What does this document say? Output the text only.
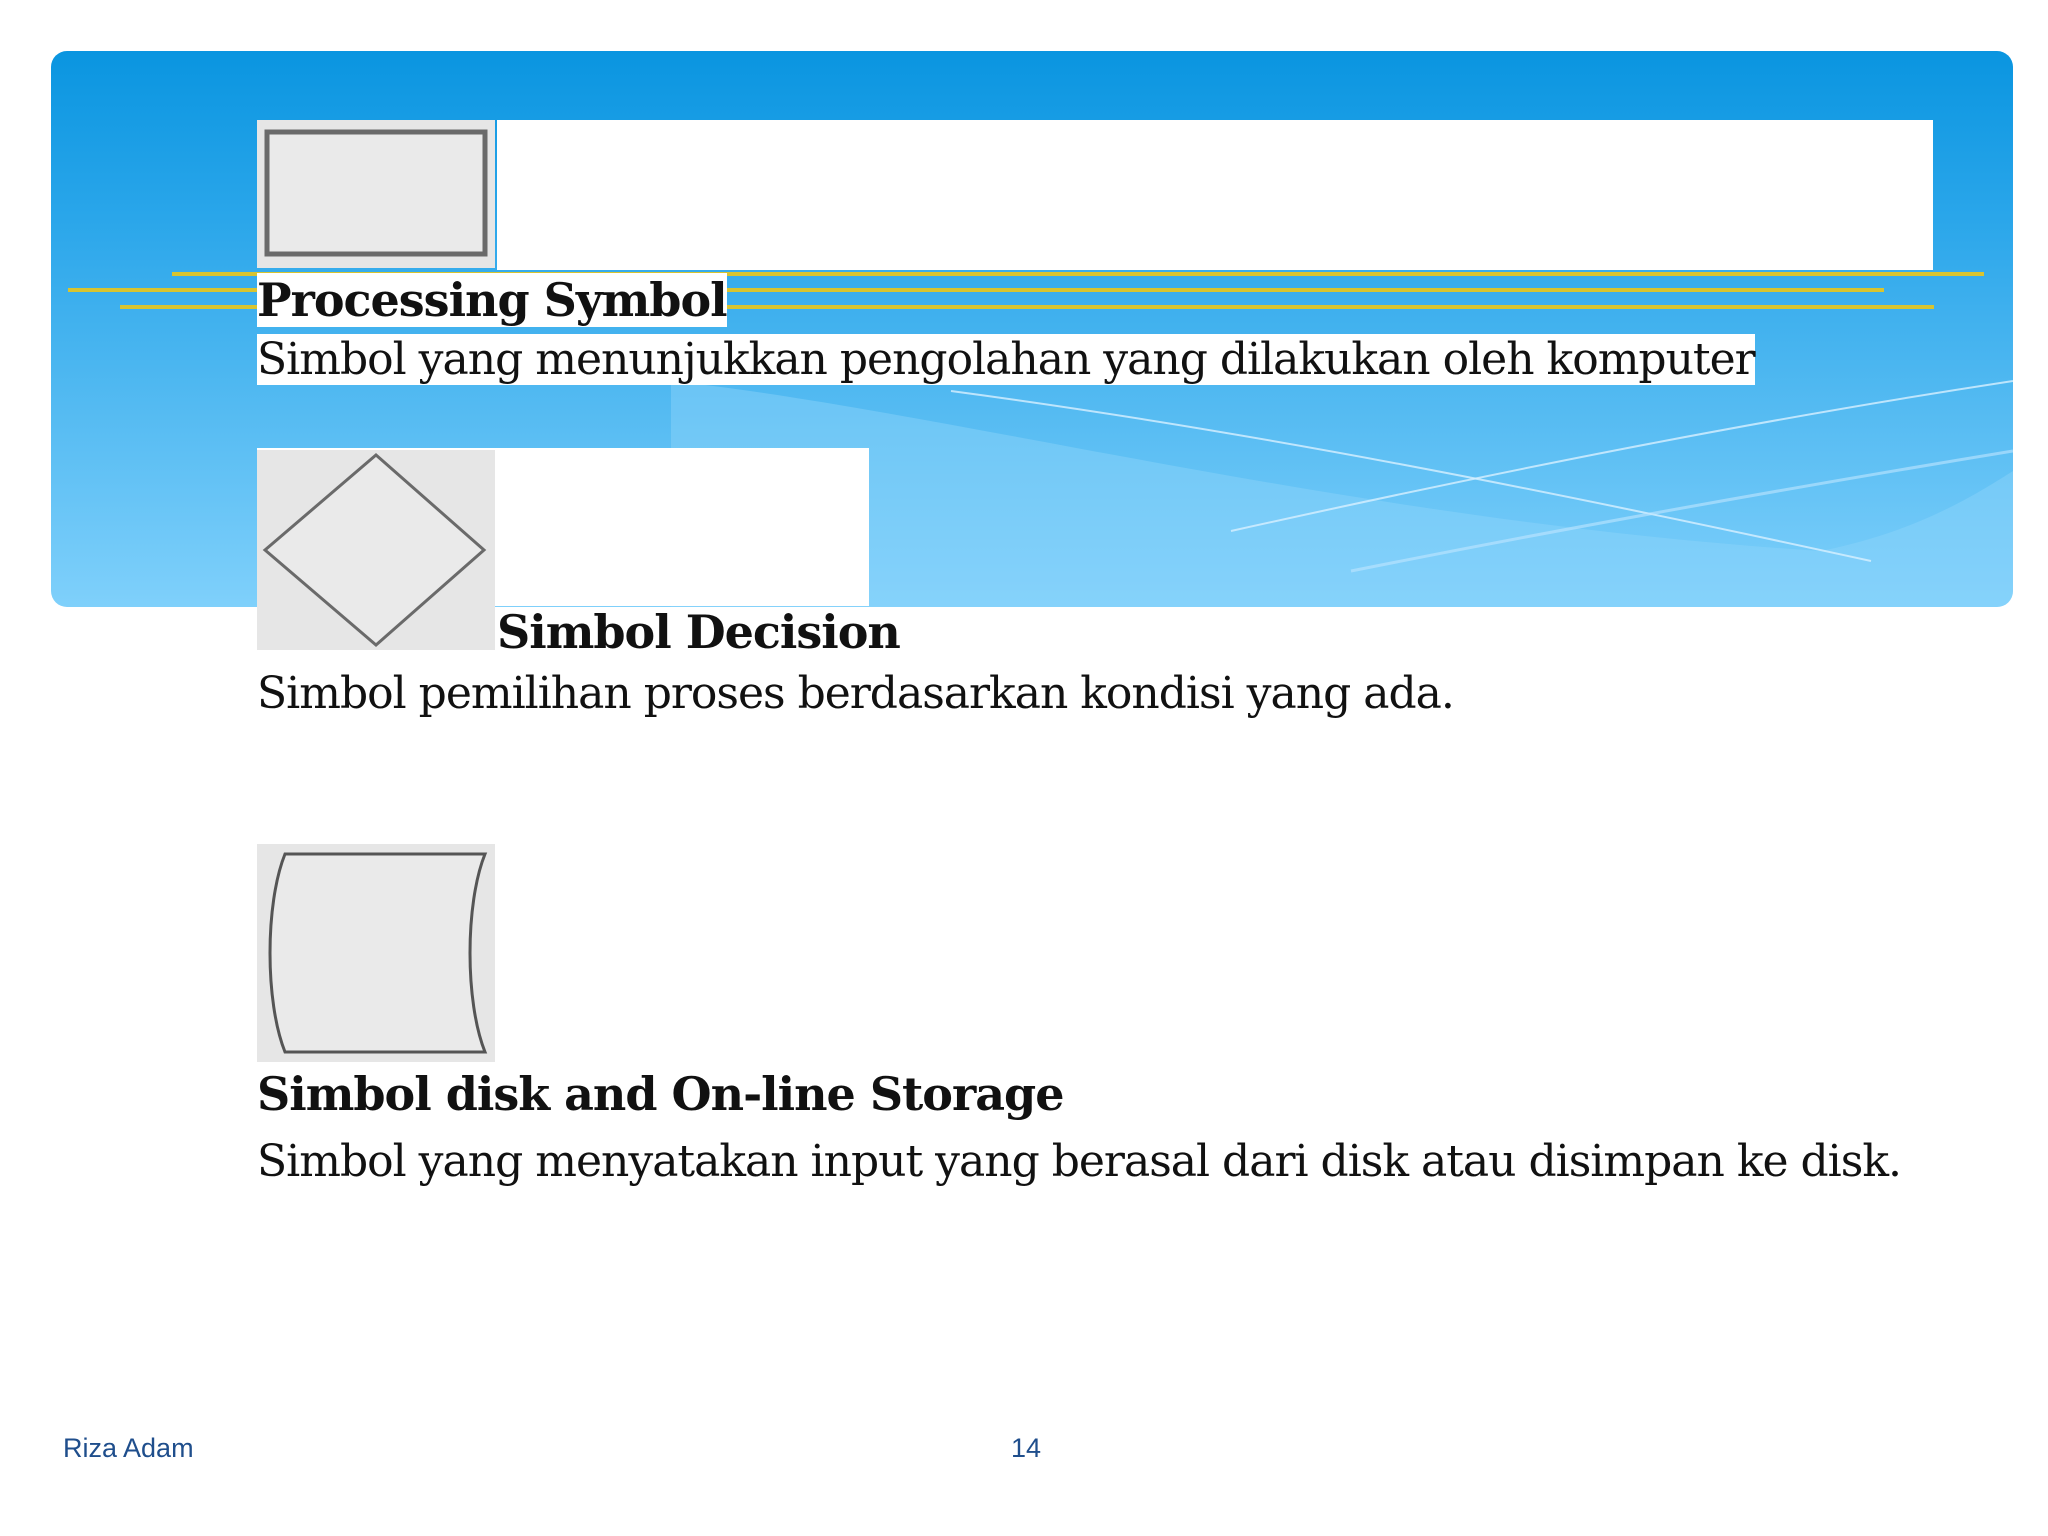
Processing Symbol
Simbol yang menunjukkan pengolahan yang dilakukan oleh komputer
Simbol Decision
Simbol pemilihan proses berdasarkan kondisi yang ada.
Simbol disk and On-line Storage
Simbol yang menyatakan input yang berasal dari disk atau disimpan ke disk.
Riza Adam	14
